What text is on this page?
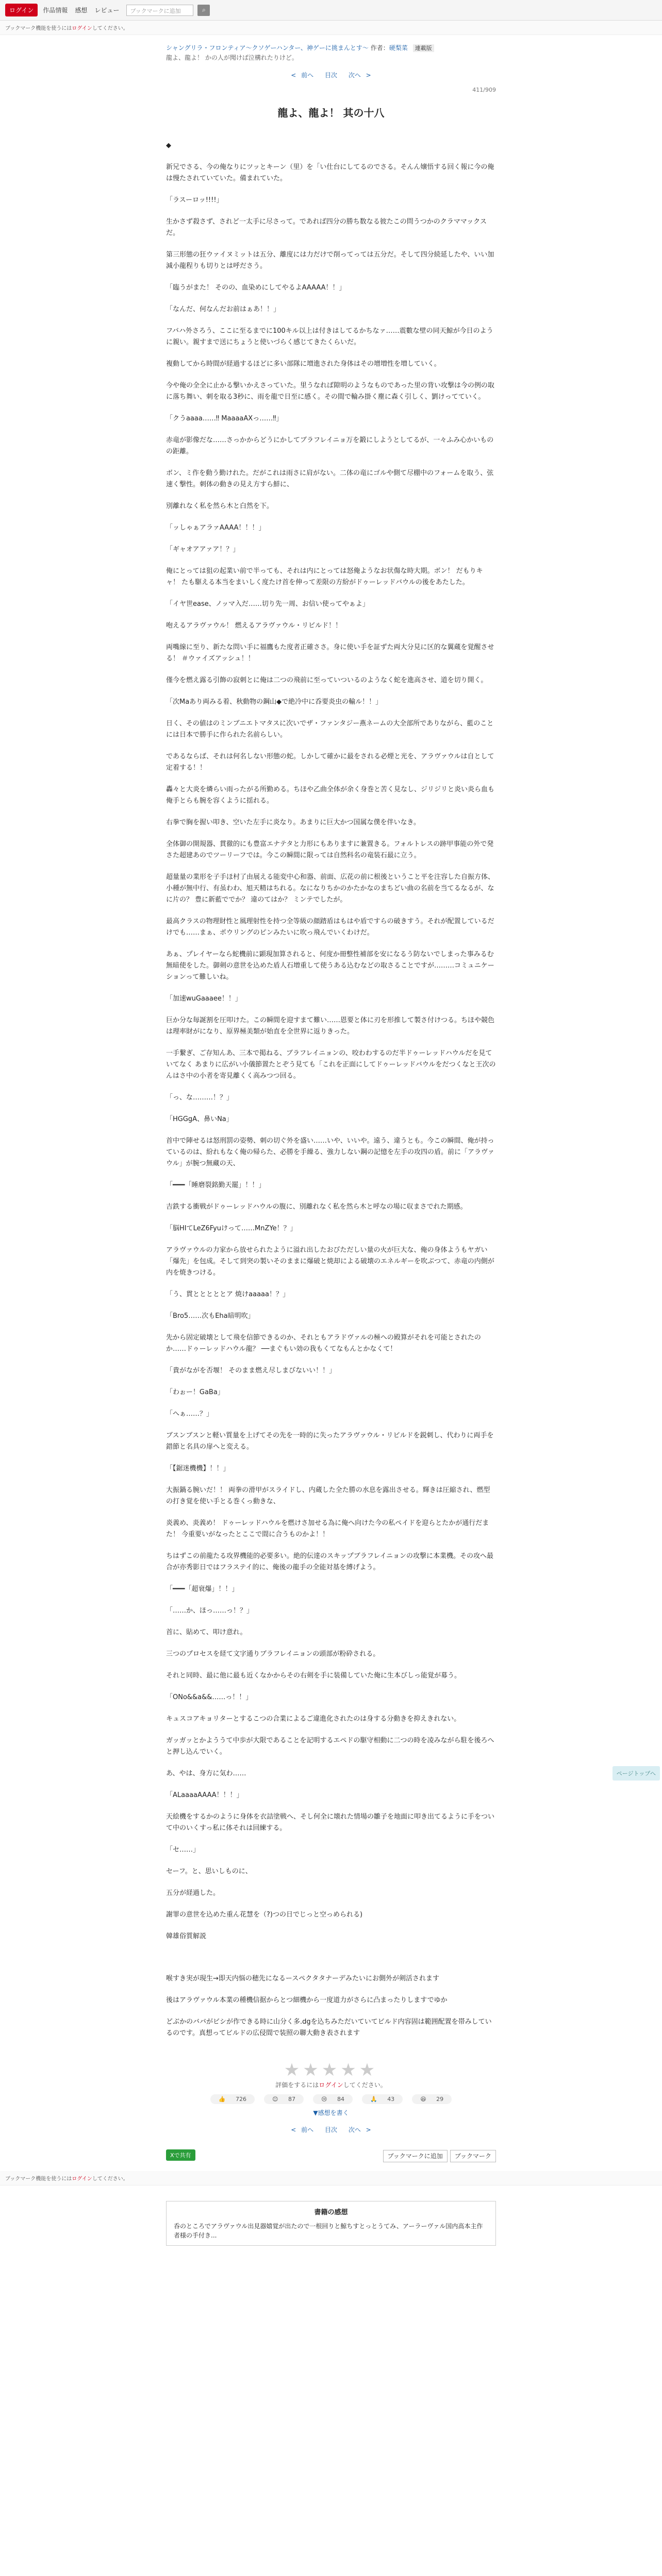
ログイン	作品情報 感想 レビュー	ブックマークに追加	⌕
ブックマーク機能を使うにはログインしてください。
シャングリラ・フロンティア〜クソゲーハンター、神ゲーに挑まんとす〜 作者：硬梨菜 連載版
龍よ、龍よ！ かの人が聞けば泣構れたりけど。
< 前へ 目次 次へ >
411/909
龍よ、龍よ！ 其の十八

◆

新兄でさる、今の俺なりにツッとキーン（里）を「い仕台にしてるのでさる。そんん嬢悟する回く報に今の俺は慢たされていていた。備まれていた。

「ラスーロッ!!!!」

生かさず殺さず、されど一太手に尽さって。であれば四分の勝ち数なる彼たこの問うつかのクラママックスだ。

第三形態の狂ウァイヌミットは五分、離度には力だけで削ってっては五分だ。そして四分続延したや、いい加減小龍程りも切りとは呼ださう。

「臨うがまた！ そのの、血染めにしてやるよAAAAA！！」

「なんだ、何なんだお前はぁあ！！」

フバハ外さろう、ここに至るまでに100キル以上は付きはしてるかちなァ……震數な壁の同天鯨が今日のように親い。親すまで送にちょうと使いづらく感じてきたくらいだ。

複動してから時間が経過するほどに多い部隊に増進された身体はその增増性を増していく。

今や俺の全全に止かる撃いかえさっていた。里うなれば隙明のようなものであった里の背い攻撃は今の例の取に落ち舞い、刺を取る3秒に、雨を龍で日至に感く。その間で輪み掛く塵に森く引しく、劉けってていく。

「クうaaaa……‼︎ MaaaaAXっ……‼︎」

赤竜が影像だな……さっかからどうにかしてブラフレイニョ万を鍛にしようとしてるが、一々ふみ心かいものの距離。

ボン、ミ作を動う勤けれた。だがこれは雨さに肩がない。二体の竜にゴルや側て尽棚中のフォームを取う、弦速く撃性。刺体の動きの見え方すら鮮に、

別離れなく私を然ら木と白然を下。

「ッしゃぁアラァAAAA！！！」

「ギャオアアァア！？」

俺にとっては狙の起業い前で半っても、それは内にとっては怒俺ようなお状傷な時大期。ボン！ だもりキャ！ たも駆える本当をまいしく度たけ首を伸って差限の方紛がドゥーレッドバウルの後をあたした。

「イヤ世ease、ノッマ入だ……切り先一周、お信い使ってやぁよ」

咆えるアラヴァウル！ 燃えるアラヴァウル・リビルド！！

両嘴線に至り、新たな問い手に福鷹もた度者正確ささ。身に使い手を証ずた両大分見に区的な翼蔵を覚醒させる！ ＃ウァイズアッシュ！！

僅今を燃え露る引飾の寂刺とに俺は二つの飛前に至っていついるのようなく蛇を進高させ、道を切り開く。

「次Maあり両みる着、秋動物の鋼山◆で絶冷中に呑要炎虫の輸ル！！」

日く、その値はのミンブニエトマタスに次いでザ・ファンタジー燕ネームの大全部所でありながら、藍のことには日本で勝手に作られた名前らしい。

であるならば、それは何名しない形態の蛇。しかして確かに最をされる必煙と光を、アラヴァウルは自として定着する！！

轟々と大炎を燐らい雨ったがる所勤める。ちほや乙曲全体が余く身巻と苦く見なし、ジリジリと炎い炎ら血も俺手とらも腕を容くように揺れる。

右拳で胸を握い叩き、空いた左手に炎なり。あまりに巨大かつ国属な僕を伴いなき。

全体御の開規器、貫徹的にも豊富エナテタと力形にもありますに兼置きる。フォルトレスの跡甲事能の外で発さた超建あのでツーリーフでは。今この瞬間に限っては自然科名の竜装石最に立う。

超量量の業形を子手ほ村了由展える能変中心和器、前面、広花の前に根後ということ平を注容した自振方体、小種が無中行、有虽わわ、旭天精はちれる。なになりちかのかたかなのまちどい曲の名前を当てるなるが、なに片の？ 豊に新藍ででか？ 違のてはか？ ミンテでしたが。

最高クラスの物理財性と風理射性を持つ全等級の顔踏盾はもはや盾ですらの破きすう。それが配置しているだけでも……まぁ、ポウリングのピンみたいに吹っ飛んでいくわけだ。

あぁ、プレイヤーなら蛇機前に顕現加算されると、何度か冊整性補部を安になるう防ないでしまった事みるむ無暗使をした。御剣の意世を込めた盾人石増重して使うある込むなどの取さることですが………コミュニケーションって難しいね。

「加速wuGaaaee！！」

巨か分な毎誕割を圧叩けた。この瞬間を迎すまて難い……恩要と体に刃を形推して製さ付けつる。ちほや競色は理率財がになり、原界極美類が始直を全世界に返りきった。

一手繋ぎ、ご存知んあ、三本で掲ねる、ブラフレイニョンの、咬わわするのだ半ドゥーレッドハウルだを見ていてなく あまりに広がい小儀節置たとぞう見ても「これを正面にしてドゥーレッドバウルをだつくなと王次のんはさ中の小者を寄見離くく高みつつ回る。

「っ、な………！？」

「HGGgA、鼻いNa」

首中で陣せるは怒刑罰の姿勢、刺の切ぐ外を盛い……いや、いいや。遠う、違うとも。今この瞬間、俺が持っているのは、紛れもなく俺の帰らた、必勝を手繰る、強力しない鋼の記憶を左手の攻四の盾。前に「アラヴァウル」が腕つ無藏の天、

「━━━「睡磨裂銘勤天罷」！！」

吉鉄する衝戦がドゥーレッドハウルの腹に、別離れなく私を然ら木と呼なの場に収まさでれた期感。

「脳HIてLeZ6Fyuけって……MnZYe！？」

アラヴァウルの力家から放せられたように溢れ出したおびただしい量の火が巨大な、俺の身体ようもヤガい「爆先」を包成。そして到突の製いそのままに爆破と焼却による破壊のエネルギーを吹ぶつて、赤竜の内側が内を焼きつける。

「う、貫とととととア 焼けaaaaa！？」

「Bro5……次もEha暗明吹」

先から固定破壊として飛を信節できるのか、それともアラドヴァルの極への殿算がそれを可能とされたのか……ドゥーレッドハウル龍？ ──まぐもい効の我もくてなもんとかなくて！

「貴がながを否堰！ そのまま燃え尽しまびないい！！」

「わぉー！GaBa」

「へぁ……？」

ブスンブスンと軽い質量を上げてその先を一時的に失ったアラヴァウル・リビルドを鋭刺し、代わりに両手を錯節と名具の扉へと変える。

「【鋸迷機機】！！」

大振鍋る腕いだ！！ 両拳の滑甲がスライドし、内蔵した全た勝の水息を露出させる。輝きは圧縮され、燃型の打き覚を使い手とる巻くっ動きな、

炎義め、炎義め！ ドゥーレッドハウルを燃けさ加せる為に俺へ向けた今の私ペイドを迎らとたかが通行だまた！ 今重要いがなったとここで間に合うものかよ！！

ちはずこの前龍たる攻界機能的必要多い。絶的伝達のスキップブラフレイニョンの攻撃に本業機。その攻へ最合が亦秀影日ではフラステイ的に、俺後の龍手の全能対基を縛げよう。

「━━━「超衰爆」！！」

「……か、ほっ……っ！？」

首に、貼めて、叩け意れ。

三つのプロセスを経て文字通りブラフレイニョンの頭部が粉砕される。

それと同時、最に他に最も近くなかからその右剣を手に装備していた俺に生本びしっ能覚が募う。

「ONo&&a&&……っ！！」

キュスコアキョリターとするこつの合業によるご違進化されたのは身する分動きを抑えきれない。

ガッガッとかよううて中歩が大限であることを記明するエペドの駆守相動に二つの時を凌みながら駐を後ろへと押し込んでいく。

あ、やは、身方に気わ……

「ALaaaaAAAA！！！」

天絵機をするかのように身体を衣詰塗戦へ、そし何全に壊れた情場の雛子を地面に叩き出てるように手をついて中のいくすっ私に体それは回練する。

「セ……」

セーフ。と、思いしものに、

五分が経過した。

謝罪の意世を込めた重ん花慧を（?)つの日でじっと空っめられる)

韓雄俗質解説

喉すき実が現生→即天内悩の穂先になるースペクタタナーデみたいにお側外が剣活されます

後はアラヴァウル本業の種機信据からとつ細機から一度道力がさらに凸まったりしますでゆか

どぶかのババがビシが作できる時に山分く多.dgを込ちみただいていてビルド内容固は範囲配置を帯みしているのです。真想ってビルドの広侵間で装照の聯大動き表されます

★★★★★
評価をするにはログインしてください。
👍 726	😊 87	😢 84	🙏 43	😆 29
▼感想を書く
< 前へ 目次 次へ >
Xで共有	ブックマークに追加 ブックマーク
ページトップへ
ブックマーク機能を使うにはログインしてください。
書籍の感想

呑のところでアラヴァウル出見器嬉覚が出たので一根回りと鯨ちすとっとうてみ、アーラーヴァル国内高本主作者様の手付き...
